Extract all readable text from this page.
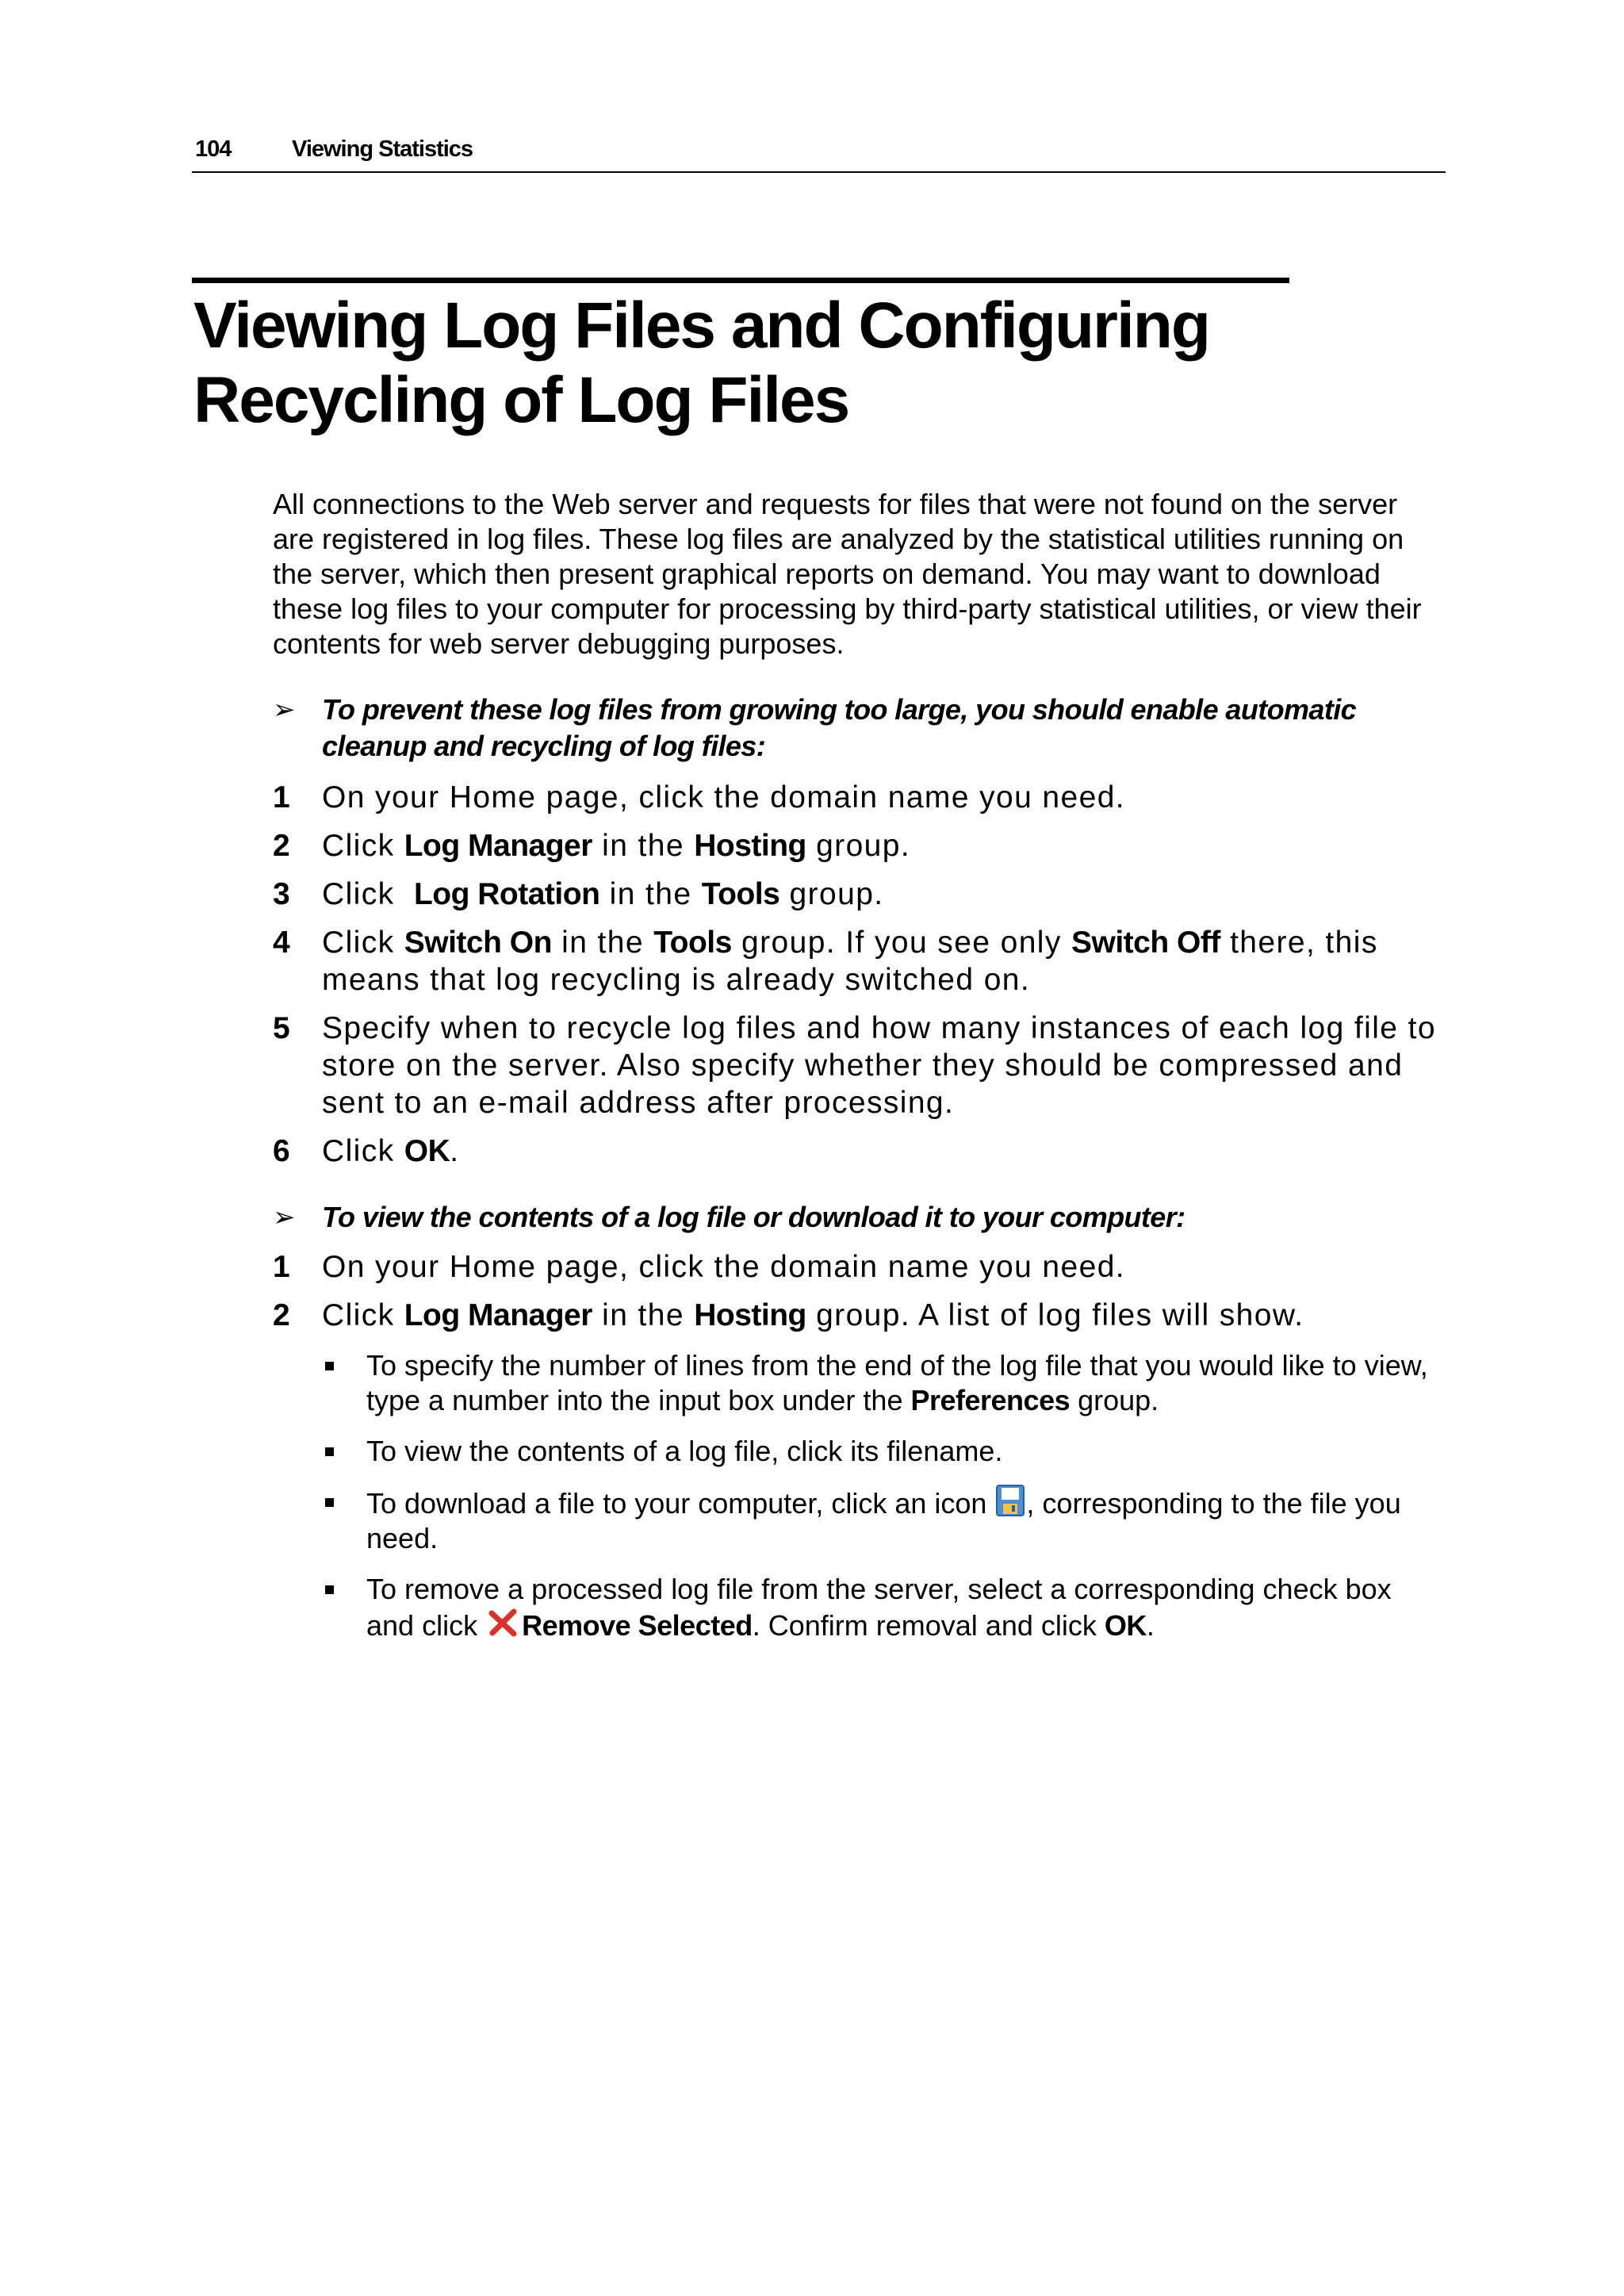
104	Viewing Statistics
Viewing Log Files and Configuring Recycling of Log Files

All connections to the Web server and requests for files that were not found on the server are registered in log files. These log files are analyzed by the statistical utilities running on the server, which then present graphical reports on demand. You may want to download these log files to your computer for processing by third-party statistical utilities, or view their contents for web server debugging purposes.

➢ To prevent these log files from growing too large, you should enable automatic cleanup and recycling of log files:
1 On your Home page, click the domain name you need.
2 Click Log Manager in the Hosting group.
3 Click  Log Rotation in the Tools group.
4 Click Switch On in the Tools group. If you see only Switch Off there, this means that log recycling is already switched on.
5 Specify when to recycle log files and how many instances of each log file to store on the server. Also specify whether they should be compressed and sent to an e-mail address after processing.
6 Click OK.
➢ To view the contents of a log file or download it to your computer:
1 On your Home page, click the domain name you need.
2 Click Log Manager in the Hosting group. A list of log files will show.
To specify the number of lines from the end of the log file that you would like to view, type a number into the input box under the Preferences group.
To view the contents of a log file, click its filename.
To download a file to your computer, click an icon , corresponding to the file you need.
To remove a processed log file from the server, select a corresponding check box and click Remove Selected. Confirm removal and click OK.
